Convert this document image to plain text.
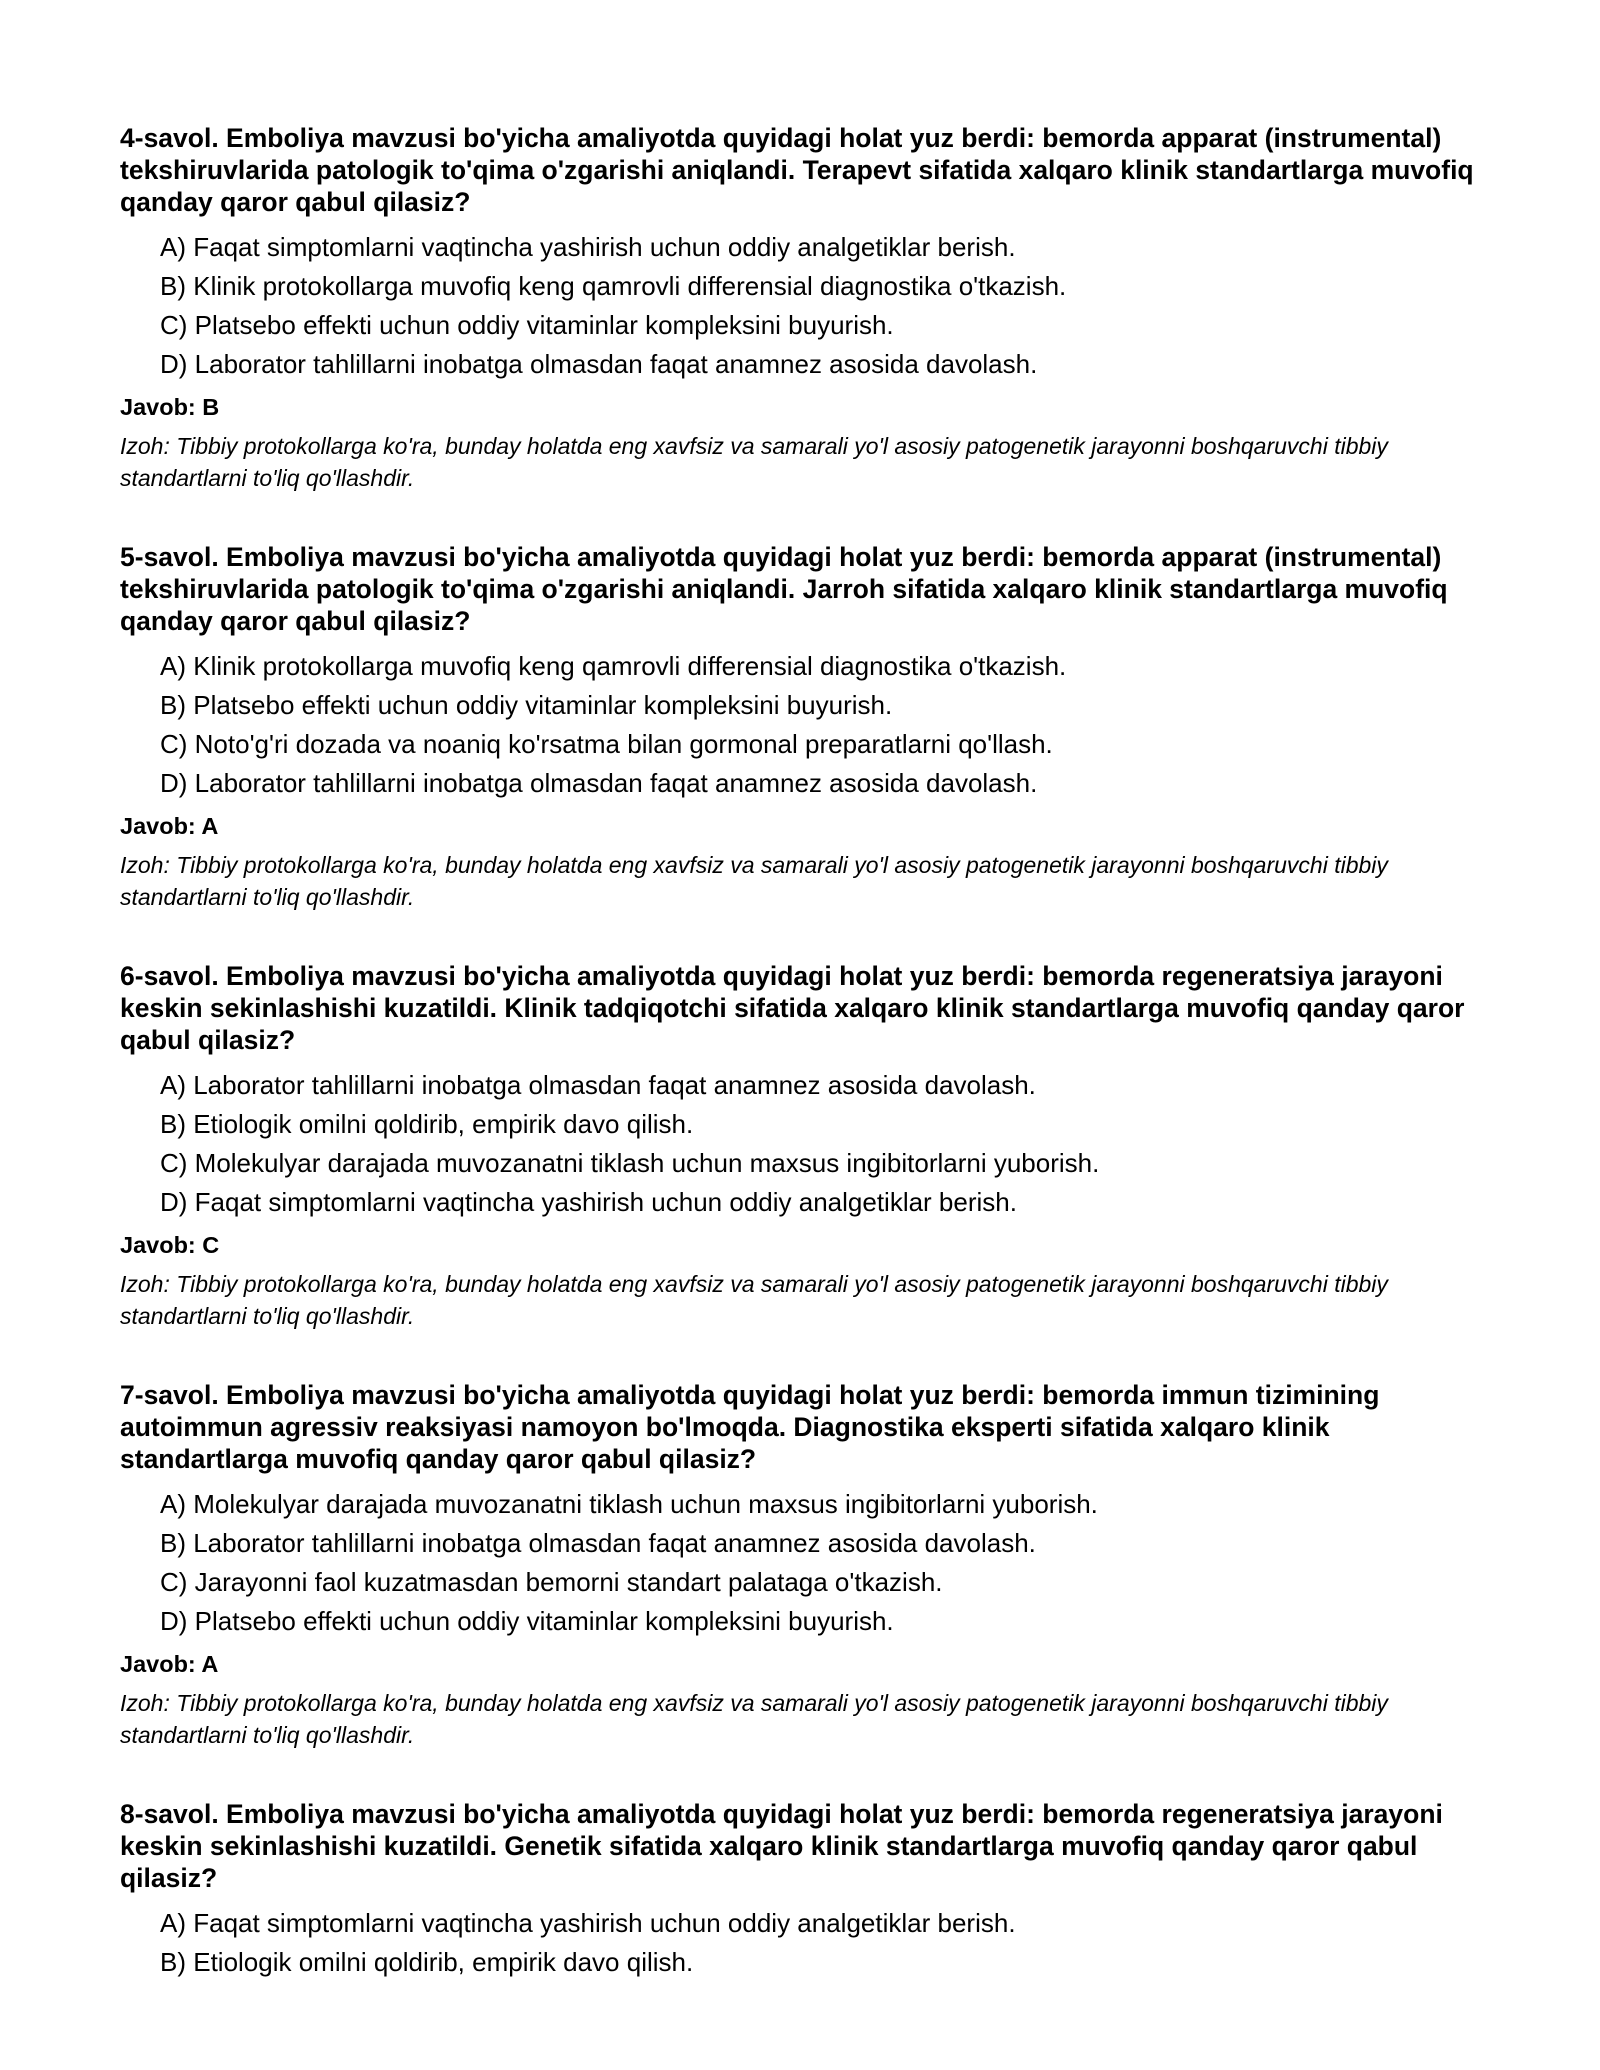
4-savol. Emboliya mavzusi bo'yicha amaliyotda quyidagi holat yuz berdi: bemorda apparat (instrumental) tekshiruvlarida patologik to'qima o'zgarishi aniqlandi. Terapevt sifatida xalqaro klinik standartlarga muvofiq qanday qaror qabul qilasiz?

A) Faqat simptomlarni vaqtincha yashirish uchun oddiy analgetiklar berish.
B) Klinik protokollarga muvofiq keng qamrovli differensial diagnostika o'tkazish.
C) Platsebo effekti uchun oddiy vitaminlar kompleksini buyurish.
D) Laborator tahlillarni inobatga olmasdan faqat anamnez asosida davolash.

Javob: B

Izoh: Tibbiy protokollarga ko'ra, bunday holatda eng xavfsiz va samarali yo'l asosiy patogenetik jarayonni boshqaruvchi tibbiy standartlarni to'liq qo'llashdir.

5-savol. Emboliya mavzusi bo'yicha amaliyotda quyidagi holat yuz berdi: bemorda apparat (instrumental) tekshiruvlarida patologik to'qima o'zgarishi aniqlandi. Jarroh sifatida xalqaro klinik standartlarga muvofiq qanday qaror qabul qilasiz?

A) Klinik protokollarga muvofiq keng qamrovli differensial diagnostika o'tkazish.
B) Platsebo effekti uchun oddiy vitaminlar kompleksini buyurish.
C) Noto'g'ri dozada va noaniq ko'rsatma bilan gormonal preparatlarni qo'llash.
D) Laborator tahlillarni inobatga olmasdan faqat anamnez asosida davolash.

Javob: A

Izoh: Tibbiy protokollarga ko'ra, bunday holatda eng xavfsiz va samarali yo'l asosiy patogenetik jarayonni boshqaruvchi tibbiy standartlarni to'liq qo'llashdir.

6-savol. Emboliya mavzusi bo'yicha amaliyotda quyidagi holat yuz berdi: bemorda regeneratsiya jarayoni keskin sekinlashishi kuzatildi. Klinik tadqiqotchi sifatida xalqaro klinik standartlarga muvofiq qanday qaror qabul qilasiz?

A) Laborator tahlillarni inobatga olmasdan faqat anamnez asosida davolash.
B) Etiologik omilni qoldirib, empirik davo qilish.
C) Molekulyar darajada muvozanatni tiklash uchun maxsus ingibitorlarni yuborish.
D) Faqat simptomlarni vaqtincha yashirish uchun oddiy analgetiklar berish.

Javob: C

Izoh: Tibbiy protokollarga ko'ra, bunday holatda eng xavfsiz va samarali yo'l asosiy patogenetik jarayonni boshqaruvchi tibbiy standartlarni to'liq qo'llashdir.

7-savol. Emboliya mavzusi bo'yicha amaliyotda quyidagi holat yuz berdi: bemorda immun tizimining autoimmun agressiv reaksiyasi namoyon bo'lmoqda. Diagnostika eksperti sifatida xalqaro klinik standartlarga muvofiq qanday qaror qabul qilasiz?

A) Molekulyar darajada muvozanatni tiklash uchun maxsus ingibitorlarni yuborish.
B) Laborator tahlillarni inobatga olmasdan faqat anamnez asosida davolash.
C) Jarayonni faol kuzatmasdan bemorni standart palataga o'tkazish.
D) Platsebo effekti uchun oddiy vitaminlar kompleksini buyurish.

Javob: A

Izoh: Tibbiy protokollarga ko'ra, bunday holatda eng xavfsiz va samarali yo'l asosiy patogenetik jarayonni boshqaruvchi tibbiy standartlarni to'liq qo'llashdir.

8-savol. Emboliya mavzusi bo'yicha amaliyotda quyidagi holat yuz berdi: bemorda regeneratsiya jarayoni keskin sekinlashishi kuzatildi. Genetik sifatida xalqaro klinik standartlarga muvofiq qanday qaror qabul qilasiz?

A) Faqat simptomlarni vaqtincha yashirish uchun oddiy analgetiklar berish.
B) Etiologik omilni qoldirib, empirik davo qilish.
